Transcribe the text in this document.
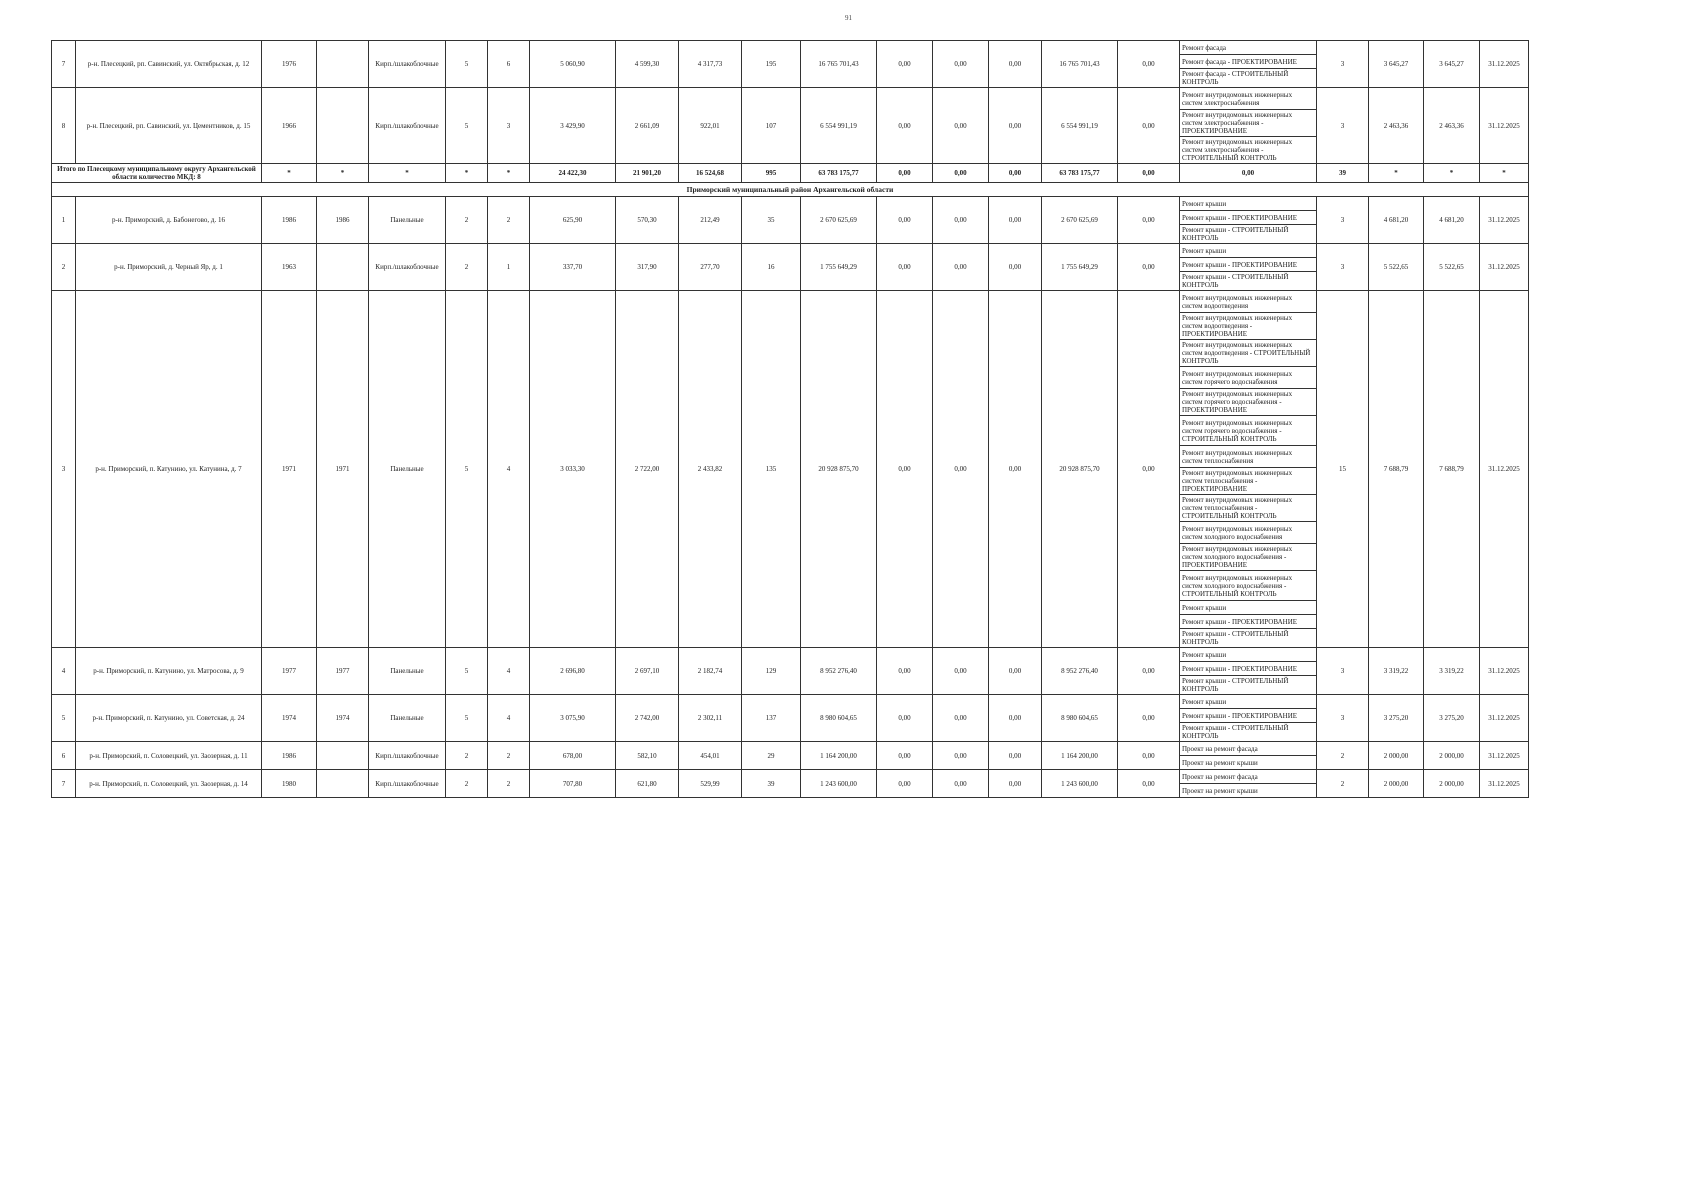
91
7	р-н. Плесецкий, рп. Савинский, ул. Октябрьская, д. 12	1976		Кирп./шлакоблочные	5	6	5 060,90	4 599,30	4 317,73	195	16 765 701,43	0,00	0,00	0,00	16 765 701,43	0,00	Ремонт фасада	3	3 645,27	3 645,27	31.12.2025
																	Ремонт фасада - ПРОЕКТИРОВАНИЕ				
																	Ремонт фасада - СТРОИТЕЛЬНЫЙ КОНТРОЛЬ				
8	р-н. Плесецкий, рп. Савинский, ул. Цементников, д. 15	1966		Кирп./шлакоблочные	5	3	3 429,90	2 661,09	922,01	107	6 554 991,19	0,00	0,00	0,00	6 554 991,19	0,00	Ремонт внутридомовых инженерных систем электроснабжения	3	2 463,36	2 463,36	31.12.2025
																	Ремонт внутридомовых инженерных систем электроснабжения - ПРОЕКТИРОВАНИЕ				
																	Ремонт внутридомовых инженерных систем электроснабжения - СТРОИТЕЛЬНЫЙ КОНТРОЛЬ				
Итого по Плесецкому муниципальному округу Архангельской области количество МКД: 8		*	*	*	*	*	24 422,30	21 901,20	16 524,68	995	63 783 175,77	0,00	0,00	0,00	63 783 175,77	0,00	0,00	39	*	*	*
Приморский муниципальный район Архангельской области																					
1	р-н. Приморский, д. Бабонегово, д. 16	1986	1986	Панельные	2	2	625,90	570,30	212,49	35	2 670 625,69	0,00	0,00	0,00	2 670 625,69	0,00	Ремонт крыши	3	4 681,20	4 681,20	31.12.2025
																	Ремонт крыши - ПРОЕКТИРОВАНИЕ				
																	Ремонт крыши - СТРОИТЕЛЬНЫЙ КОНТРОЛЬ				
2	р-н. Приморский, д. Черный Яр, д. 1	1963		Кирп./шлакоблочные	2	1	337,70	317,90	277,70	16	1 755 649,29	0,00	0,00	0,00	1 755 649,29	0,00	Ремонт крыши	3	5 522,65	5 522,65	31.12.2025
																	Ремонт крыши - ПРОЕКТИРОВАНИЕ				
																	Ремонт крыши - СТРОИТЕЛЬНЫЙ КОНТРОЛЬ				
3	р-н. Приморский, п. Катунино, ул. Катунина, д. 7	1971	1971	Панельные	5	4	3 033,30	2 722,00	2 433,82	135	20 928 875,70	0,00	0,00	0,00	20 928 875,70	0,00	Ремонт внутридомовых инженерных систем водоотведения	15	7 688,79	7 688,79	31.12.2025
																	Ремонт внутридомовых инженерных систем водоотведения - ПРОЕКТИРОВАНИЕ				
																	Ремонт внутридомовых инженерных систем водоотведения - СТРОИТЕЛЬНЫЙ КОНТРОЛЬ				
																	Ремонт внутридомовых инженерных систем горячего водоснабжения				
																	Ремонт внутридомовых инженерных систем горячего водоснабжения - ПРОЕКТИРОВАНИЕ				
																	Ремонт внутридомовых инженерных систем горячего водоснабжения - СТРОИТЕЛЬНЫЙ КОНТРОЛЬ				
																	Ремонт внутридомовых инженерных систем теплоснабжения				
																	Ремонт внутридомовых инженерных систем теплоснабжения - ПРОЕКТИРОВАНИЕ				
																	Ремонт внутридомовых инженерных систем теплоснабжения - СТРОИТЕЛЬНЫЙ КОНТРОЛЬ				
																	Ремонт внутридомовых инженерных систем холодного водоснабжения				
																	Ремонт внутридомовых инженерных систем холодного водоснабжения - ПРОЕКТИРОВАНИЕ				
																	Ремонт внутридомовых инженерных систем холодного водоснабжения - СТРОИТЕЛЬНЫЙ КОНТРОЛЬ				
																	Ремонт крыши				
																	Ремонт крыши - ПРОЕКТИРОВАНИЕ				
																	Ремонт крыши - СТРОИТЕЛЬНЫЙ КОНТРОЛЬ				
4	р-н. Приморский, п. Катунино, ул. Матросова, д. 9	1977	1977	Панельные	5	4	2 696,80	2 697,10	2 182,74	129	8 952 276,40	0,00	0,00	0,00	8 952 276,40	0,00	Ремонт крыши	3	3 319,22	3 319,22	31.12.2025
																	Ремонт крыши - ПРОЕКТИРОВАНИЕ				
																	Ремонт крыши - СТРОИТЕЛЬНЫЙ КОНТРОЛЬ				
5	р-н. Приморский, п. Катунино, ул. Советская, д. 24	1974	1974	Панельные	5	4	3 075,90	2 742,00	2 302,11	137	8 980 604,65	0,00	0,00	0,00	8 980 604,65	0,00	Ремонт крыши	3	3 275,20	3 275,20	31.12.2025
																	Ремонт крыши - ПРОЕКТИРОВАНИЕ				
																	Ремонт крыши - СТРОИТЕЛЬНЫЙ КОНТРОЛЬ				
6	р-н. Приморский, п. Соловецкий, ул. Заозерная, д. 11	1986		Кирп./шлакоблочные	2	2	678,00	582,10	454,01	29	1 164 200,00	0,00	0,00	0,00	1 164 200,00	0,00	Проект на ремонт фасада	2	2 000,00	2 000,00	31.12.2025
																	Проект на ремонт крыши				
7	р-н. Приморский, п. Соловецкий, ул. Заозерная, д. 14	1980		Кирп./шлакоблочные	2	2	707,80	621,80	529,99	39	1 243 600,00	0,00	0,00	0,00	1 243 600,00	0,00	Проект на ремонт фасада	2	2 000,00	2 000,00	31.12.2025
																	Проект на ремонт крыши				
